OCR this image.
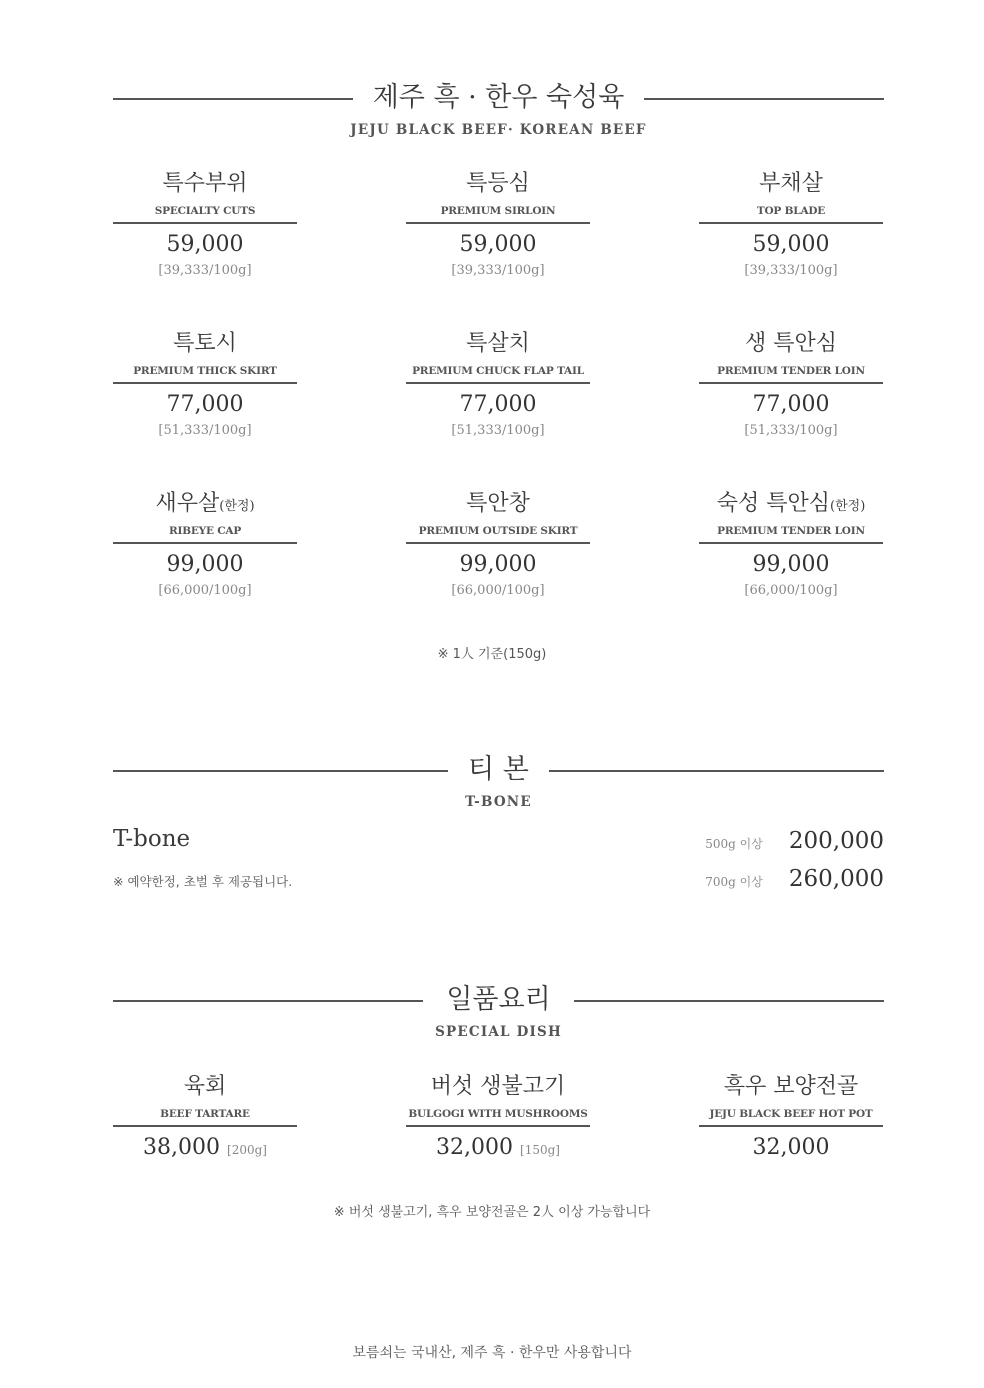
제주 흑 · 한우 숙성육
JEJU BLACK BEEF· KOREAN BEEF
특수부위
SPECIALTY CUTS
59,000
[39,333/100g]
특등심
PREMIUM SIRLOIN
59,000
[39,333/100g]
부채살
TOP BLADE
59,000
[39,333/100g]
특토시
PREMIUM THICK SKIRT
77,000
[51,333/100g]
특살치
PREMIUM CHUCK FLAP TAIL
77,000
[51,333/100g]
생 특안심
PREMIUM TENDER LOIN
77,000
[51,333/100g]
새우살(한정)
RIBEYE CAP
99,000
[66,000/100g]
특안창
PREMIUM OUTSIDE SKIRT
99,000
[66,000/100g]
숙성 특안심(한정)
PREMIUM TENDER LOIN
99,000
[66,000/100g]
※ 1人 기준(150g)
티 본
T-BONE
T-bone
※ 예약한정, 초벌 후 제공됩니다.
500g 이상 200,000
700g 이상 260,000
일품요리
SPECIAL DISH
육회
BEEF TARTARE
38,000 [200g]
버섯 생불고기
BULGOGI WITH MUSHROOMS
32,000 [150g]
흑우 보양전골
JEJU BLACK BEEF HOT POT
32,000
※ 버섯 생불고기, 흑우 보양전골은 2人 이상 가능합니다
보름쇠는 국내산, 제주 흑 · 한우만 사용합니다
